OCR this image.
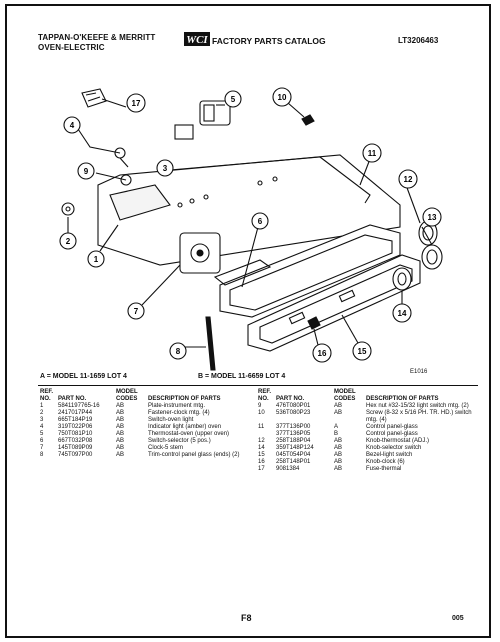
TAPPAN-O'KEEFE & MERRITT
OVEN-ELECTRIC
WCI FACTORY PARTS CATALOG	LT3206463
17	5
4
3
10
2
9
11
12
13
6
1
7	14
15
16
8
E1016
A = MODEL 11-1659 LOT 4	B = MODEL 11-6659 LOT 4
REF. NO.	PART NO.	MODEL CODES	DESCRIPTION OF PARTS
1	5841197765-16	AB	Plate-instrument mtg.
2	2417017P44	AB	Fastener-clock mtg. (4)
3	665T184P19	AB	Switch-oven light
4	319T022P06	AB	Indicator light (amber) oven
5	750T081P10	AB	Thermostat-oven (upper oven)
6	667T032P08	AB	Switch-selector (5 pos.)
7	145T089P09	AB	Clock-5 stem
8	745T097P00	AB	Trim-control panel glass (ends) (2)
REF. NO.	PART NO.	MODEL CODES	DESCRIPTION OF PARTS
9	476T080P01	AB	Hex nut #32-15/32 light switch mtg. (2)
10	536T080P23	AB	Screw (8-32 x 5/16 PH. TR. HD.) switch mtg. (4)
11	377T136P00	A	Control panel-glass
	377T136P05	B	Control panel-glass
12	258T188P04	AB	Knob-thermostat (ADJ.)
14	359T148P124	AB	Knob-selector switch
15	045T054P04	AB	Bezel-light switch
16	258T148P01	AB	Knob-clock (6)
17	9081384	AB	Fuse-thermal
F8	005
